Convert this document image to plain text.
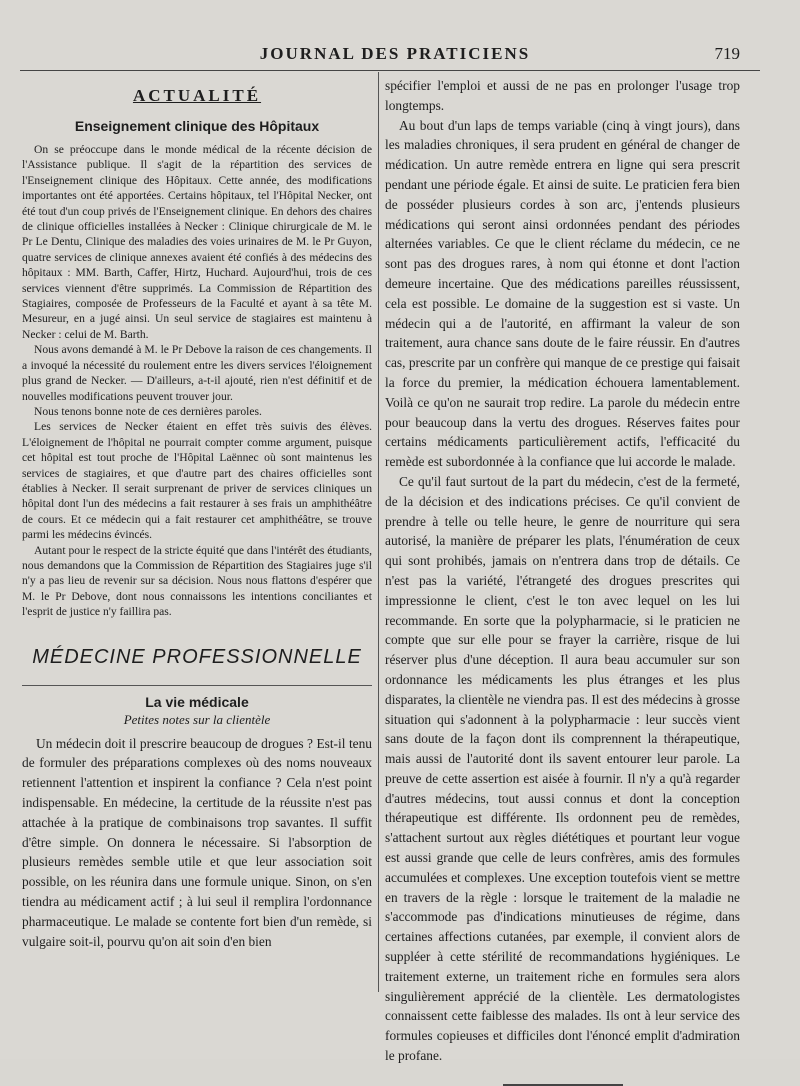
JOURNAL DES PRATICIENS	719
ACTUALITÉ
Enseignement clinique des Hôpitaux

On se préoccupe dans le monde médical de la récente décision de l'Assistance publique. Il s'agit de la répartition des services de l'Enseignement clinique des Hôpitaux. Cette année, des modifications importantes ont été apportées. Certains hôpitaux, tel l'Hôpital Necker, ont été tout d'un coup privés de l'Enseignement clinique. En dehors des chaires de clinique officielles installées à Necker : Clinique chirurgicale de M. le Pr Le Dentu, Clinique des maladies des voies urinaires de M. le Pr Guyon, quatre services de clinique annexes avaient été confiés à des médecins des hôpitaux : MM. Barth, Caffer, Hirtz, Huchard. Aujourd'hui, trois de ces services viennent d'être supprimés. La Commission de Répartition des Stagiaires, composée de Professeurs de la Faculté et ayant à sa tête M. Mesureur, en a jugé ainsi. Un seul service de stagiaires est maintenu à Necker : celui de M. Barth.

Nous avons demandé à M. le Pr Debove la raison de ces changements. Il a invoqué la nécessité du roulement entre les divers services l'éloignement plus grand de Necker. — D'ailleurs, a-t-il ajouté, rien n'est définitif et de nouvelles modifications peuvent trouver jour.

Nous tenons bonne note de ces dernières paroles.

Les services de Necker étaient en effet très suivis des élèves. L'éloignement de l'hôpital ne pourrait compter comme argument, puisque cet hôpital est tout proche de l'Hôpital Laënnec où sont maintenus les services de stagiaires, et que d'autre part des chaires officielles sont établies à Necker. Il serait surprenant de priver de services cliniques un hôpital dont l'un des médecins a fait restaurer à ses frais un amphithéâtre de cours. Et ce médecin qui a fait restaurer cet amphithéâtre, se trouve parmi les médecins évincés.

Autant pour le respect de la stricte équité que dans l'intérêt des étudiants, nous demandons que la Commission de Répartition des Stagiaires juge s'il n'y a pas lieu de revenir sur sa décision. Nous nous flattons d'espérer que M. le Pr Debove, dont nous connaissons les intentions conciliantes et l'esprit de justice n'y faillira pas.

MÉDECINE PROFESSIONNELLE
La vie médicale
Petites notes sur la clientèle

Un médecin doit il prescrire beaucoup de drogues ? Est-il tenu de formuler des préparations complexes où des noms nouveaux retiennent l'attention et inspirent la confiance ? Cela n'est point indispensable. En médecine, la certitude de la réussite n'est pas attachée à la pratique de combinaisons trop savantes. Il suffit d'être simple. On donnera le nécessaire. Si l'absorption de plusieurs remèdes semble utile et que leur association soit possible, on les réunira dans une formule unique. Sinon, on s'en tiendra au médicament actif ; à lui seul il remplira l'ordonnance pharmaceutique. Le malade se contente fort bien d'un remède, si vulgaire soit-il, pourvu qu'on ait soin d'en bien

spécifier l'emploi et aussi de ne pas en prolonger l'usage trop longtemps.

Au bout d'un laps de temps variable (cinq à vingt jours), dans les maladies chroniques, il sera prudent en général de changer de médication. Un autre remède entrera en ligne qui sera prescrit pendant une période égale. Et ainsi de suite. Le praticien fera bien de posséder plusieurs cordes à son arc, j'entends plusieurs médications qui seront ainsi ordonnées pendant des périodes alternées variables. Ce que le client réclame du médecin, ce ne sont pas des drogues rares, à nom qui étonne et dont l'action demeure incertaine. Que des médications pareilles réussissent, cela est possible. Le domaine de la suggestion est si vaste. Un médecin qui a de l'autorité, en affirmant la valeur de son traitement, aura chance sans doute de le faire réussir. En d'autres cas, prescrite par un confrère qui manque de ce prestige qui faisait la force du premier, la médication échouera lamentablement. Voilà ce qu'on ne saurait trop redire. La parole du médecin entre pour beaucoup dans la vertu des drogues. Réserves faites pour certains médicaments particulièrement actifs, l'efficacité du remède est subordonnée à la confiance que lui accorde le malade.

Ce qu'il faut surtout de la part du médecin, c'est de la fermeté, de la décision et des indications précises. Ce qu'il convient de prendre à telle ou telle heure, le genre de nourriture qui sera autorisé, la manière de préparer les plats, l'énumération de ceux qui sont prohibés, jamais on n'entrera dans trop de détails. Ce n'est pas la variété, l'étrangeté des drogues prescrites qui impressionne le client, c'est le ton avec lequel on les lui recommande. En sorte que la polypharmacie, si le praticien ne compte que sur elle pour se frayer la carrière, risque de lui réserver plus d'une déception. Il aura beau accumuler sur son ordonnance les médicaments les plus étranges et les plus disparates, la clientèle ne viendra pas. Il est des médecins à grosse situation qui s'adonnent à la polypharmacie : leur succès vient sans doute de la façon dont ils comprennent la thérapeutique, mais aussi de l'autorité dont ils savent entourer leur parole. La preuve de cette assertion est aisée à fournir. Il n'y a qu'à regarder d'autres médecins, tout aussi connus et dont la conception thérapeutique est différente. Ils ordonnent peu de remèdes, s'attachent surtout aux règles diététiques et pourtant leur vogue est aussi grande que celle de leurs confrères, amis des formules accumulées et complexes. Une exception toutefois vient se mettre en travers de la règle : lorsque le traitement de la maladie ne s'accommode pas d'indications minutieuses de régime, dans certaines affections cutanées, par exemple, il convient alors de suppléer à cette stérilité de recommandations hygiéniques. Le traitement externe, un traitement riche en formules sera alors singulièrement apprécié de la clientèle. Les dermatologistes connaissent cette faiblesse des malades. Ils ont à leur service des formules copieuses et difficiles dont l'énoncé emplit d'admiration le profane.
